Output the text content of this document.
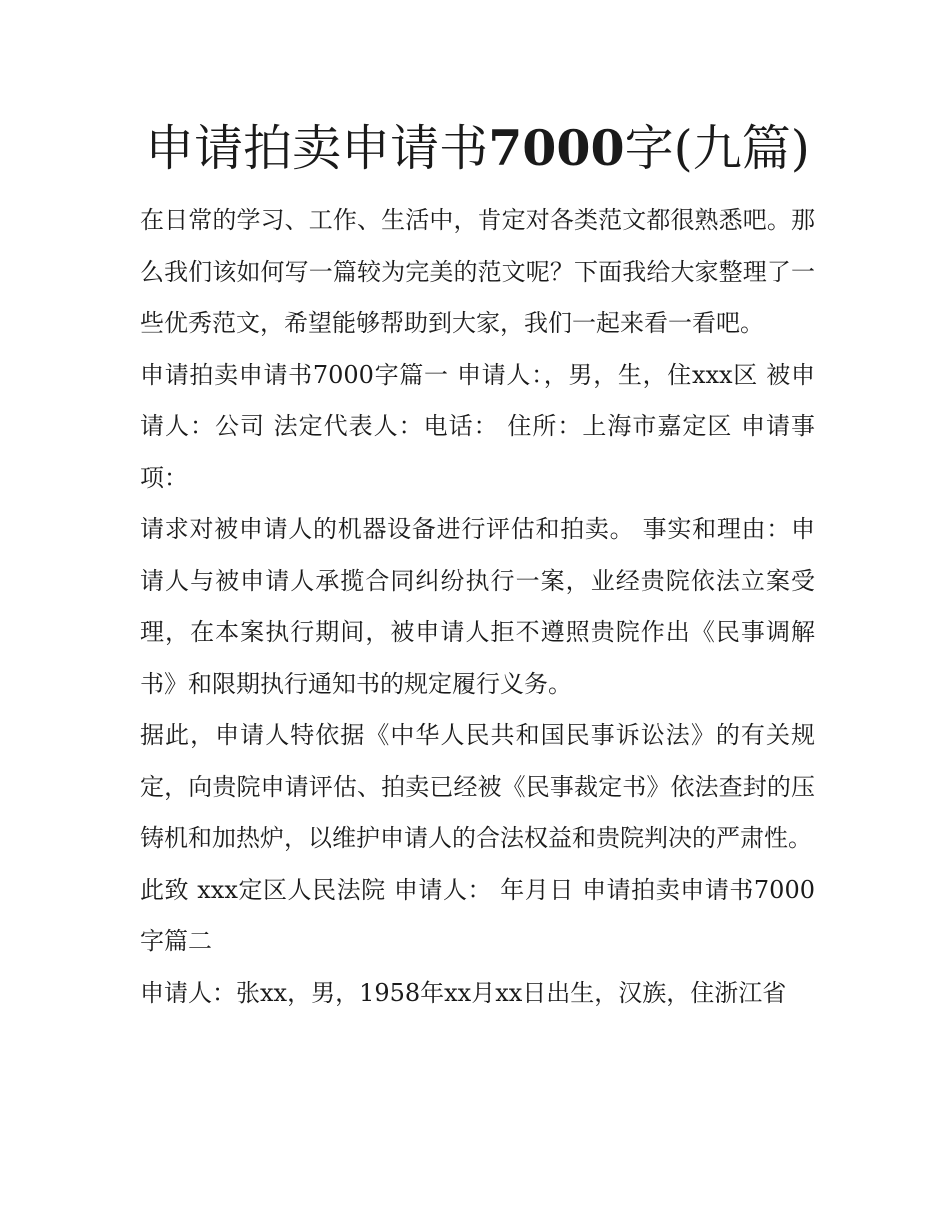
申请拍卖申请书7000字(九篇)

在日常的学习、工作、生活中，肯定对各类范文都很熟悉吧。那么我们该如何写一篇较为完美的范文呢？下面我给大家整理了一些优秀范文，希望能够帮助到大家，我们一起来看一看吧。

申请拍卖申请书7000字篇一 申请人：，男，生，住xxx区 被申请人：公司 法定代表人：电话： 住所：上海市嘉定区 申请事项：

请求对被申请人的机器设备进行评估和拍卖。 事实和理由：申请人与被申请人承揽合同纠纷执行一案，业经贵院依法立案受理，在本案执行期间，被申请人拒不遵照贵院作出《民事调解书》和限期执行通知书的规定履行义务。

据此，申请人特依据《中华人民共和国民事诉讼法》的有关规定，向贵院申请评估、拍卖已经被《民事裁定书》依法查封的压铸机和加热炉，以维护申请人的合法权益和贵院判决的严肃性。

此致 xxx定区人民法院 申请人： 年月日 申请拍卖申请书7000字篇二

申请人：张xx，男，1958年xx月xx日出生，汉族，住浙江省
